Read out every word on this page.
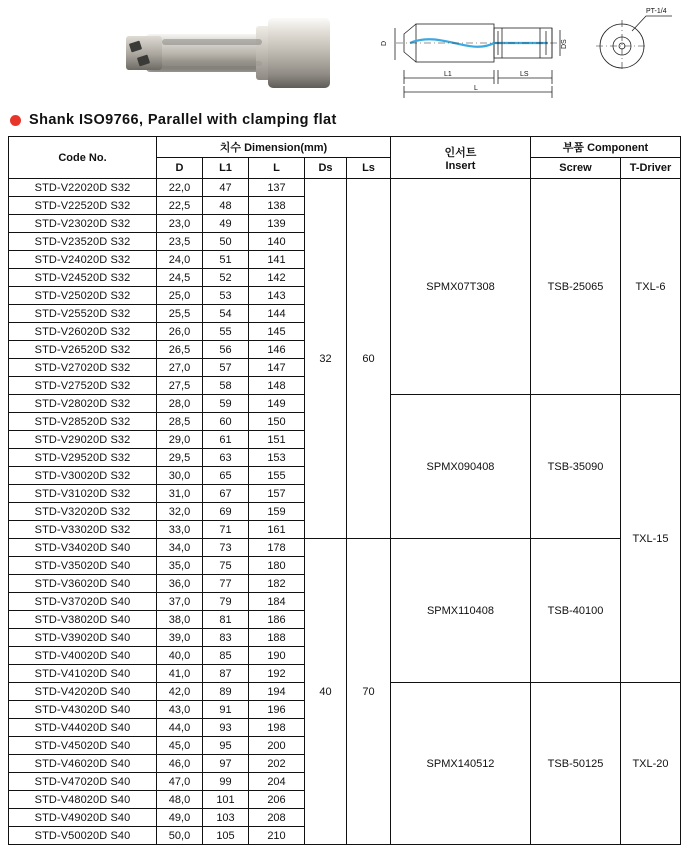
D	DS
L1	LS
L
PT-1/4
Shank ISO9766, Parallel with clamping flat
Code No.	치수 Dimension(mm)					인서트
Insert	부품 Component	
	D	L1	L	Ds	Ls		Screw	T-Driver
STD-V22020D S32	22,0	47	137	32	60	SPMX07T308	TSB-25065	TXL-6
STD-V22520D S32	22,5	48	138					
STD-V23020D S32	23,0	49	139					
STD-V23520D S32	23,5	50	140					
STD-V24020D S32	24,0	51	141					
STD-V24520D S32	24,5	52	142					
STD-V25020D S32	25,0	53	143					
STD-V25520D S32	25,5	54	144					
STD-V26020D S32	26,0	55	145					
STD-V26520D S32	26,5	56	146					
STD-V27020D S32	27,0	57	147					
STD-V27520D S32	27,5	58	148					
STD-V28020D S32	28,0	59	149			SPMX090408	TSB-35090	TXL-15
STD-V28520D S32	28,5	60	150					
STD-V29020D S32	29,0	61	151					
STD-V29520D S32	29,5	63	153					
STD-V30020D S32	30,0	65	155					
STD-V31020D S32	31,0	67	157					
STD-V32020D S32	32,0	69	159					
STD-V33020D S32	33,0	71	161					
STD-V34020D S40	34,0	73	178	40	70	SPMX110408	TSB-40100	
STD-V35020D S40	35,0	75	180					
STD-V36020D S40	36,0	77	182					
STD-V37020D S40	37,0	79	184					
STD-V38020D S40	38,0	81	186					
STD-V39020D S40	39,0	83	188					
STD-V40020D S40	40,0	85	190					
STD-V41020D S40	41,0	87	192					
STD-V42020D S40	42,0	89	194			SPMX140512	TSB-50125	TXL-20
STD-V43020D S40	43,0	91	196					
STD-V44020D S40	44,0	93	198					
STD-V45020D S40	45,0	95	200					
STD-V46020D S40	46,0	97	202					
STD-V47020D S40	47,0	99	204					
STD-V48020D S40	48,0	101	206					
STD-V49020D S40	49,0	103	208					
STD-V50020D S40	50,0	105	210					
